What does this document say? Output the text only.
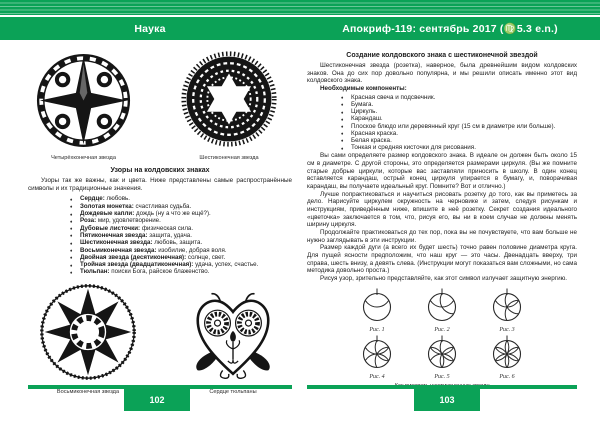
Наука	Апокриф-119: сентябрь 2017 (♍5.3 e.n.)
Четырёхконечная звезда	Шестиконечная звезда
Узоры на колдовских знаках

Узоры так же важны, как и цвета. Ниже представлены самые распространённые символы и их традиционные значения.

♦ Сердце: любовь.
♦ Золотая монетка: счастливая судьба.
♦ Дождевые капли: дождь (ну а что же ещё?).
♦ Роза: мир, удовлетворение.
♦ Дубовые листочки: физическая сила.
♦ Пятиконечная звезда: защита, удача.
♦ Шестиконечная звезда: любовь, защита.
♦ Восьмиконечная звезда: изобилие, добрая воля.
♦ Двойная звезда (десятиконечная): солнце, свет.
♦ Тройная звезда (двадцатиконечная): удача, успех, счастье.
♦ Тюльпан: поиски Бога, райское блаженство.
Восьмиконечная звезда	Сердце тюльпаны
Создание колдовского знака с шестиконечной звездой

Шестиконечная звезда (розетка), наверное, была древнейшим видом колдовских знаков. Она до сих пор довольно популярна, и мы решили описать именно этот вид колдовского знака.

Необходимые компоненты:

♦ Красная свеча и подсвечник.
♦ Бумага.
♦ Циркуль.
♦ Карандаш.
♦ Плоское блюдо или деревянный круг (15 см в диаметре или больше).
♦ Красная краска.
♦ Белая краска.
♦ Тонкая и средняя кисточки для рисования.

Вы сами определяете размер колдовского знака. В идеале он должен быть около 15 см в диаметре. С другой стороны, это определяется размерами циркуля. (Вы же помните старые добрые циркули, которые вас заставляли приносить в школу. В один конец вставляется карандаш, острый конец циркуля упирается в бумагу, и, поворачивая карандаш, вы получаете идеальный круг. Помните? Вот и отлично.)

Лучше попрактиковаться и научиться рисовать розетку до того, как вы приметесь за дело. Нарисуйте циркулем окружность на черновике и затем, следуя рисункам и инструкциям, приведённым ниже, впишите в неё розетку. Секрет создания идеального «цветочка» заключается в том, что, рисуя его, вы ни в коем случае не должны менять ширину циркуля.

Продолжайте практиковаться до тех пор, пока вы не почувствуете, что вам больше не нужно заглядывать в эти инструкции.

Размер каждой дуги (а всего их будет шесть) точно равен половине диаметра круга. Для пущей ясности предположим, что наш круг — это часы. Двенадцать вверху, три справа, шесть внизу, а девять слева. (Инструкции могут показаться вам сложными, но сама методика довольно проста.)

Рисуя узор, зрительно представляйте, как этот символ излучает защитную энергию.

Рис. 1	Рис. 2	Рис. 3
Рис. 4	Рис. 5	Рис. 6
102	103
